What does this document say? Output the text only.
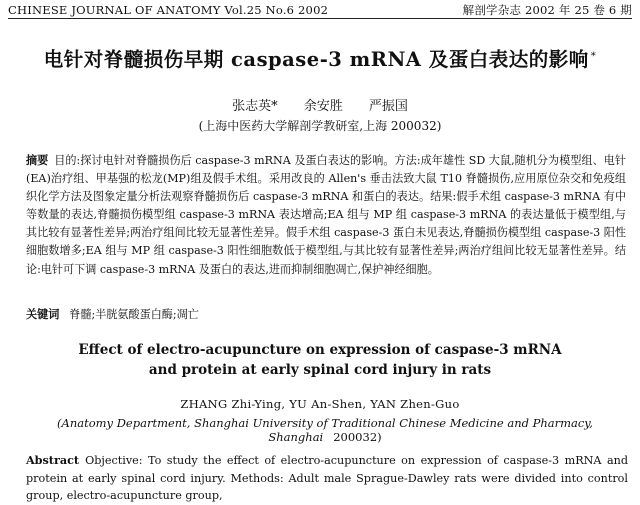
CHINESE JOURNAL OF ANATOMY Vol.25 No.6 2002	解剖学杂志 2002 年 25 卷 6 期
电针对脊髓损伤早期 caspase-3 mRNA 及蛋白表达的影响 *
张志英* 余安胜 严振国
(上海中医药大学解剖学教研室,上海 200032)
摘要 目的:探讨电针对脊髓损伤后 caspase-3 mRNA 及蛋白表达的影响。方法:成年雄性 SD 大鼠,随机分为模型组、电针(EA)治疗组、甲基强的松龙(MP)组及假手术组。采用改良的 Allen's 垂击法致大鼠 T10 脊髓损伤,应用原位杂交和免疫组织化学方法及图象定量分析法观察脊髓损伤后 caspase-3 mRNA 和蛋白的表达。结果:假手术组 caspase-3 mRNA 有中等数量的表达,脊髓损伤模型组 caspase-3 mRNA 表达增高;EA 组与 MP 组 caspase-3 mRNA 的表达量低于模型组,与其比较有显著性差异;两治疗组间比较无显著性差异。假手术组 caspase-3 蛋白未见表达,脊髓损伤模型组 caspase-3 阳性细胞数增多;EA 组与 MP 组 caspase-3 阳性细胞数低于模型组,与其比较有显著性差异;两治疗组间比较无显著性差异。结论:电针可下调 caspase-3 mRNA 及蛋白的表达,进而抑制细胞凋亡,保护神经细胞。
关键词 脊髓;半胱氨酸蛋白酶;凋亡
Effect of electro-acupuncture on expression of caspase-3 mRNA
and protein at early spinal cord injury in rats
ZHANG Zhi-Ying, YU An-Shen, YAN Zhen-Guo
(Anatomy Department, Shanghai University of Traditional Chinese Medicine and Pharmacy, Shanghai 200032)
Abstract Objective: To study the effect of electro-acupuncture on expression of caspase-3 mRNA and protein at early spinal cord injury. Methods: Adult male Sprague-Dawley rats were divided into control group, electro-acupuncture group,
